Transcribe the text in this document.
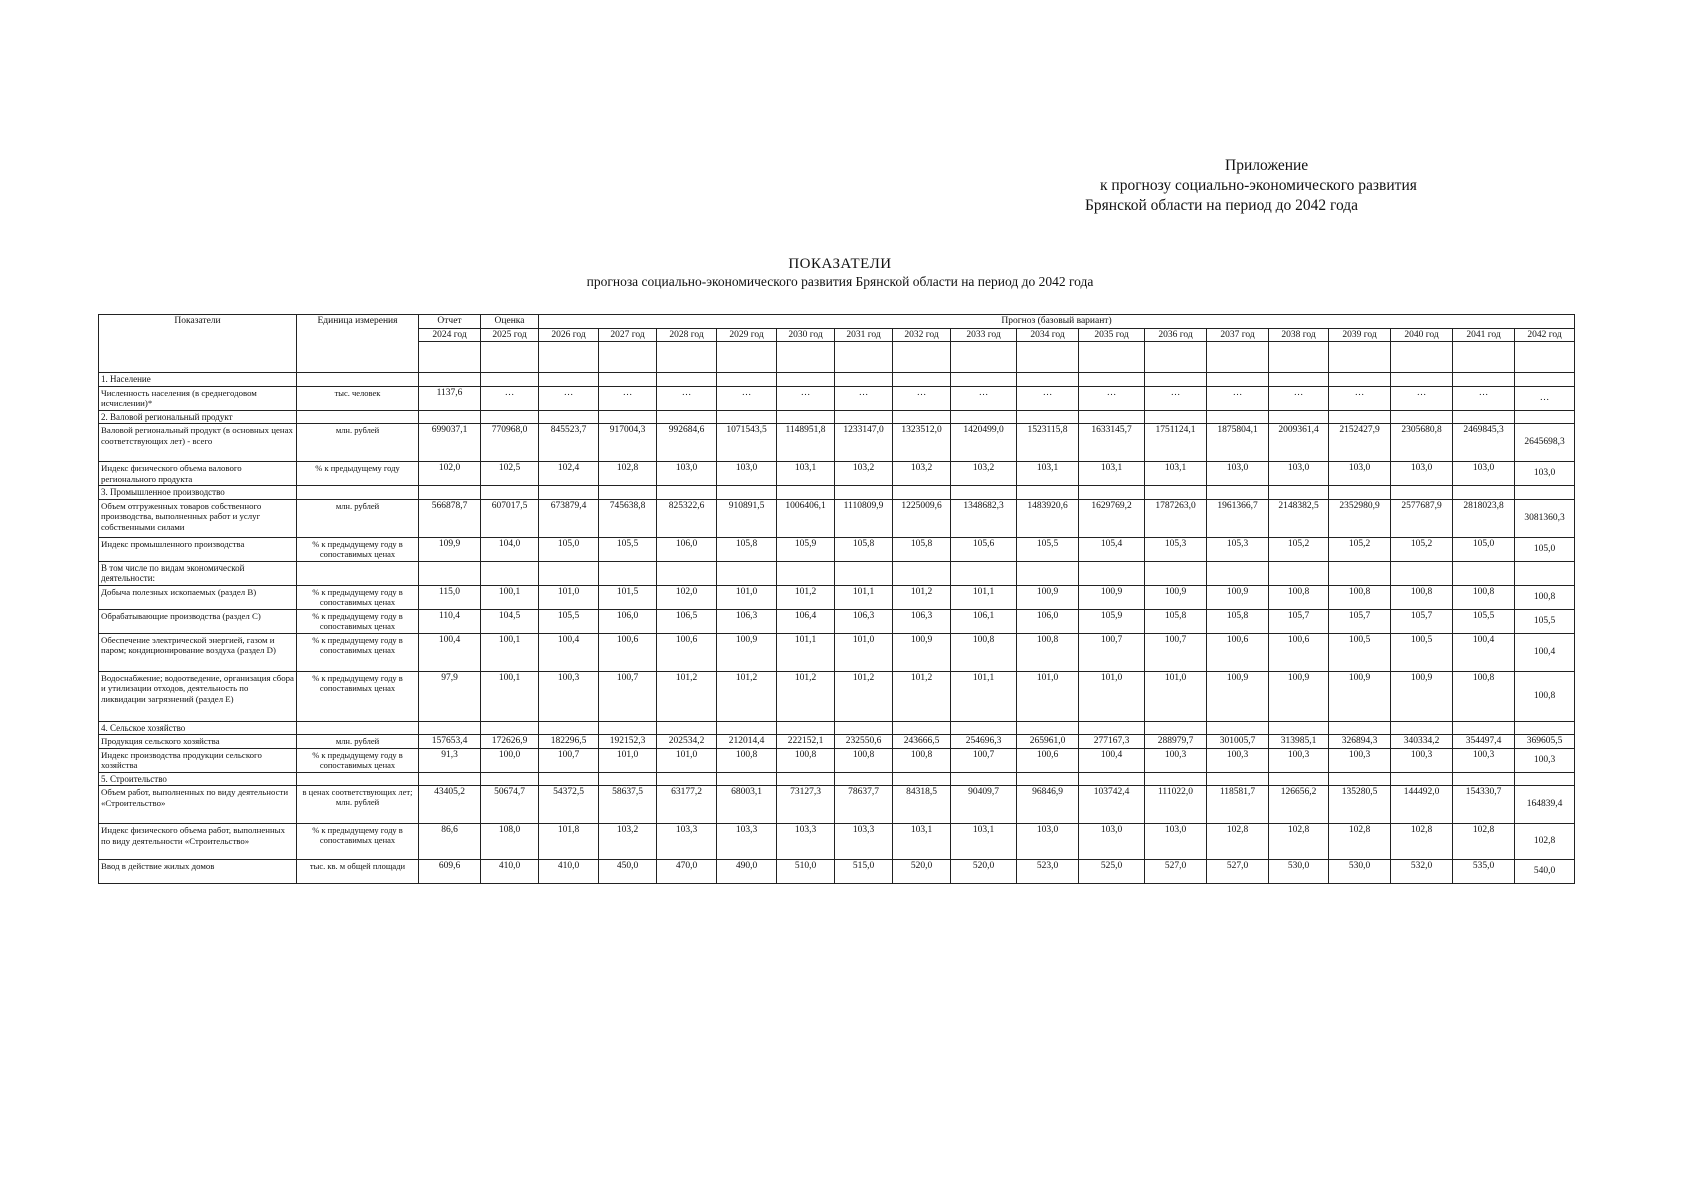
Приложение
к прогнозу социально-экономического развития
Брянской области на период до 2042 года
ПОКАЗАТЕЛИ
прогноза социально-экономического развития Брянской области на период до 2042 года
Показатели	Единица измерения	Отчет	Оценка	Прогноз (базовый вариант)																
		2024 год	2025 год	2026 год	2027 год	2028 год	2029 год	2030 год	2031 год	2032 год	2033 год	2034 год	2035 год	2036 год	2037 год	2038 год	2039 год	2040 год	2041 год	2042 год

1. Население																				
Численность населения (в среднегодовом исчислении)*	тыс. человек	1137,6	…	…	…	…	…	…	…	…	…	…	…	…	…	…	…	…	…	…
2. Валовой региональный продукт																				
Валовой региональный продукт (в основных ценах соответствующих лет) - всего	млн. рублей	699037,1	770968,0	845523,7	917004,3	992684,6	1071543,5	1148951,8	1233147,0	1323512,0	1420499,0	1523115,8	1633145,7	1751124,1	1875804,1	2009361,4	2152427,9	2305680,8	2469845,3	2645698,3
Индекс физического объема валового регионального продукта	% к предыдущему году	102,0	102,5	102,4	102,8	103,0	103,0	103,1	103,2	103,2	103,2	103,1	103,1	103,1	103,0	103,0	103,0	103,0	103,0	103,0
3. Промышленное производство																				
Объем отгруженных товаров собственного производства, выполненных работ и услуг собственными силами	млн. рублей	566878,7	607017,5	673879,4	745638,8	825322,6	910891,5	1006406,1	1110809,9	1225009,6	1348682,3	1483920,6	1629769,2	1787263,0	1961366,7	2148382,5	2352980,9	2577687,9	2818023,8	3081360,3
Индекс промышленного производства	% к предыдущему году в сопоставимых ценах	109,9	104,0	105,0	105,5	106,0	105,8	105,9	105,8	105,8	105,6	105,5	105,4	105,3	105,3	105,2	105,2	105,2	105,0	105,0
В том числе по видам экономической деятельности:																				
Добыча полезных ископаемых (раздел В)	% к предыдущему году в сопоставимых ценах	115,0	100,1	101,0	101,5	102,0	101,0	101,2	101,1	101,2	101,1	100,9	100,9	100,9	100,9	100,8	100,8	100,8	100,8	100,8
Обрабатывающие производства (раздел С)	% к предыдущему году в сопоставимых ценах	110,4	104,5	105,5	106,0	106,5	106,3	106,4	106,3	106,3	106,1	106,0	105,9	105,8	105,8	105,7	105,7	105,7	105,5	105,5
Обеспечение электрической энергией, газом и паром; кондиционирование воздуха (раздел D)	% к предыдущему году в сопоставимых ценах	100,4	100,1	100,4	100,6	100,6	100,9	101,1	101,0	100,9	100,8	100,8	100,7	100,7	100,6	100,6	100,5	100,5	100,4	100,4
Водоснабжение; водоотведение, организация сбора и утилизации отходов, деятельность по ликвидации загрязнений (раздел Е)	% к предыдущему году в сопоставимых ценах	97,9	100,1	100,3	100,7	101,2	101,2	101,2	101,2	101,2	101,1	101,0	101,0	101,0	100,9	100,9	100,9	100,9	100,8	100,8
4. Сельское хозяйство																				
Продукция сельского хозяйства	млн. рублей	157653,4	172626,9	182296,5	192152,3	202534,2	212014,4	222152,1	232550,6	243666,5	254696,3	265961,0	277167,3	288979,7	301005,7	313985,1	326894,3	340334,2	354497,4	369605,5
Индекс производства продукции сельского хозяйства	% к предыдущему году в сопоставимых ценах	91,3	100,0	100,7	101,0	101,0	100,8	100,8	100,8	100,8	100,7	100,6	100,4	100,3	100,3	100,3	100,3	100,3	100,3	100,3
5. Строительство																				
Объем работ, выполненных по виду деятельности «Строительство»	в ценах соответствующих лет; млн. рублей	43405,2	50674,7	54372,5	58637,5	63177,2	68003,1	73127,3	78637,7	84318,5	90409,7	96846,9	103742,4	111022,0	118581,7	126656,2	135280,5	144492,0	154330,7	164839,4
Индекс физического объема работ, выполненных по виду деятельности «Строительство»	% к предыдущему году в сопоставимых ценах	86,6	108,0	101,8	103,2	103,3	103,3	103,3	103,3	103,1	103,1	103,0	103,0	103,0	102,8	102,8	102,8	102,8	102,8	102,8
Ввод в действие жилых домов	тыс. кв. м общей площади	609,6	410,0	410,0	450,0	470,0	490,0	510,0	515,0	520,0	520,0	523,0	525,0	527,0	527,0	530,0	530,0	532,0	535,0	540,0
